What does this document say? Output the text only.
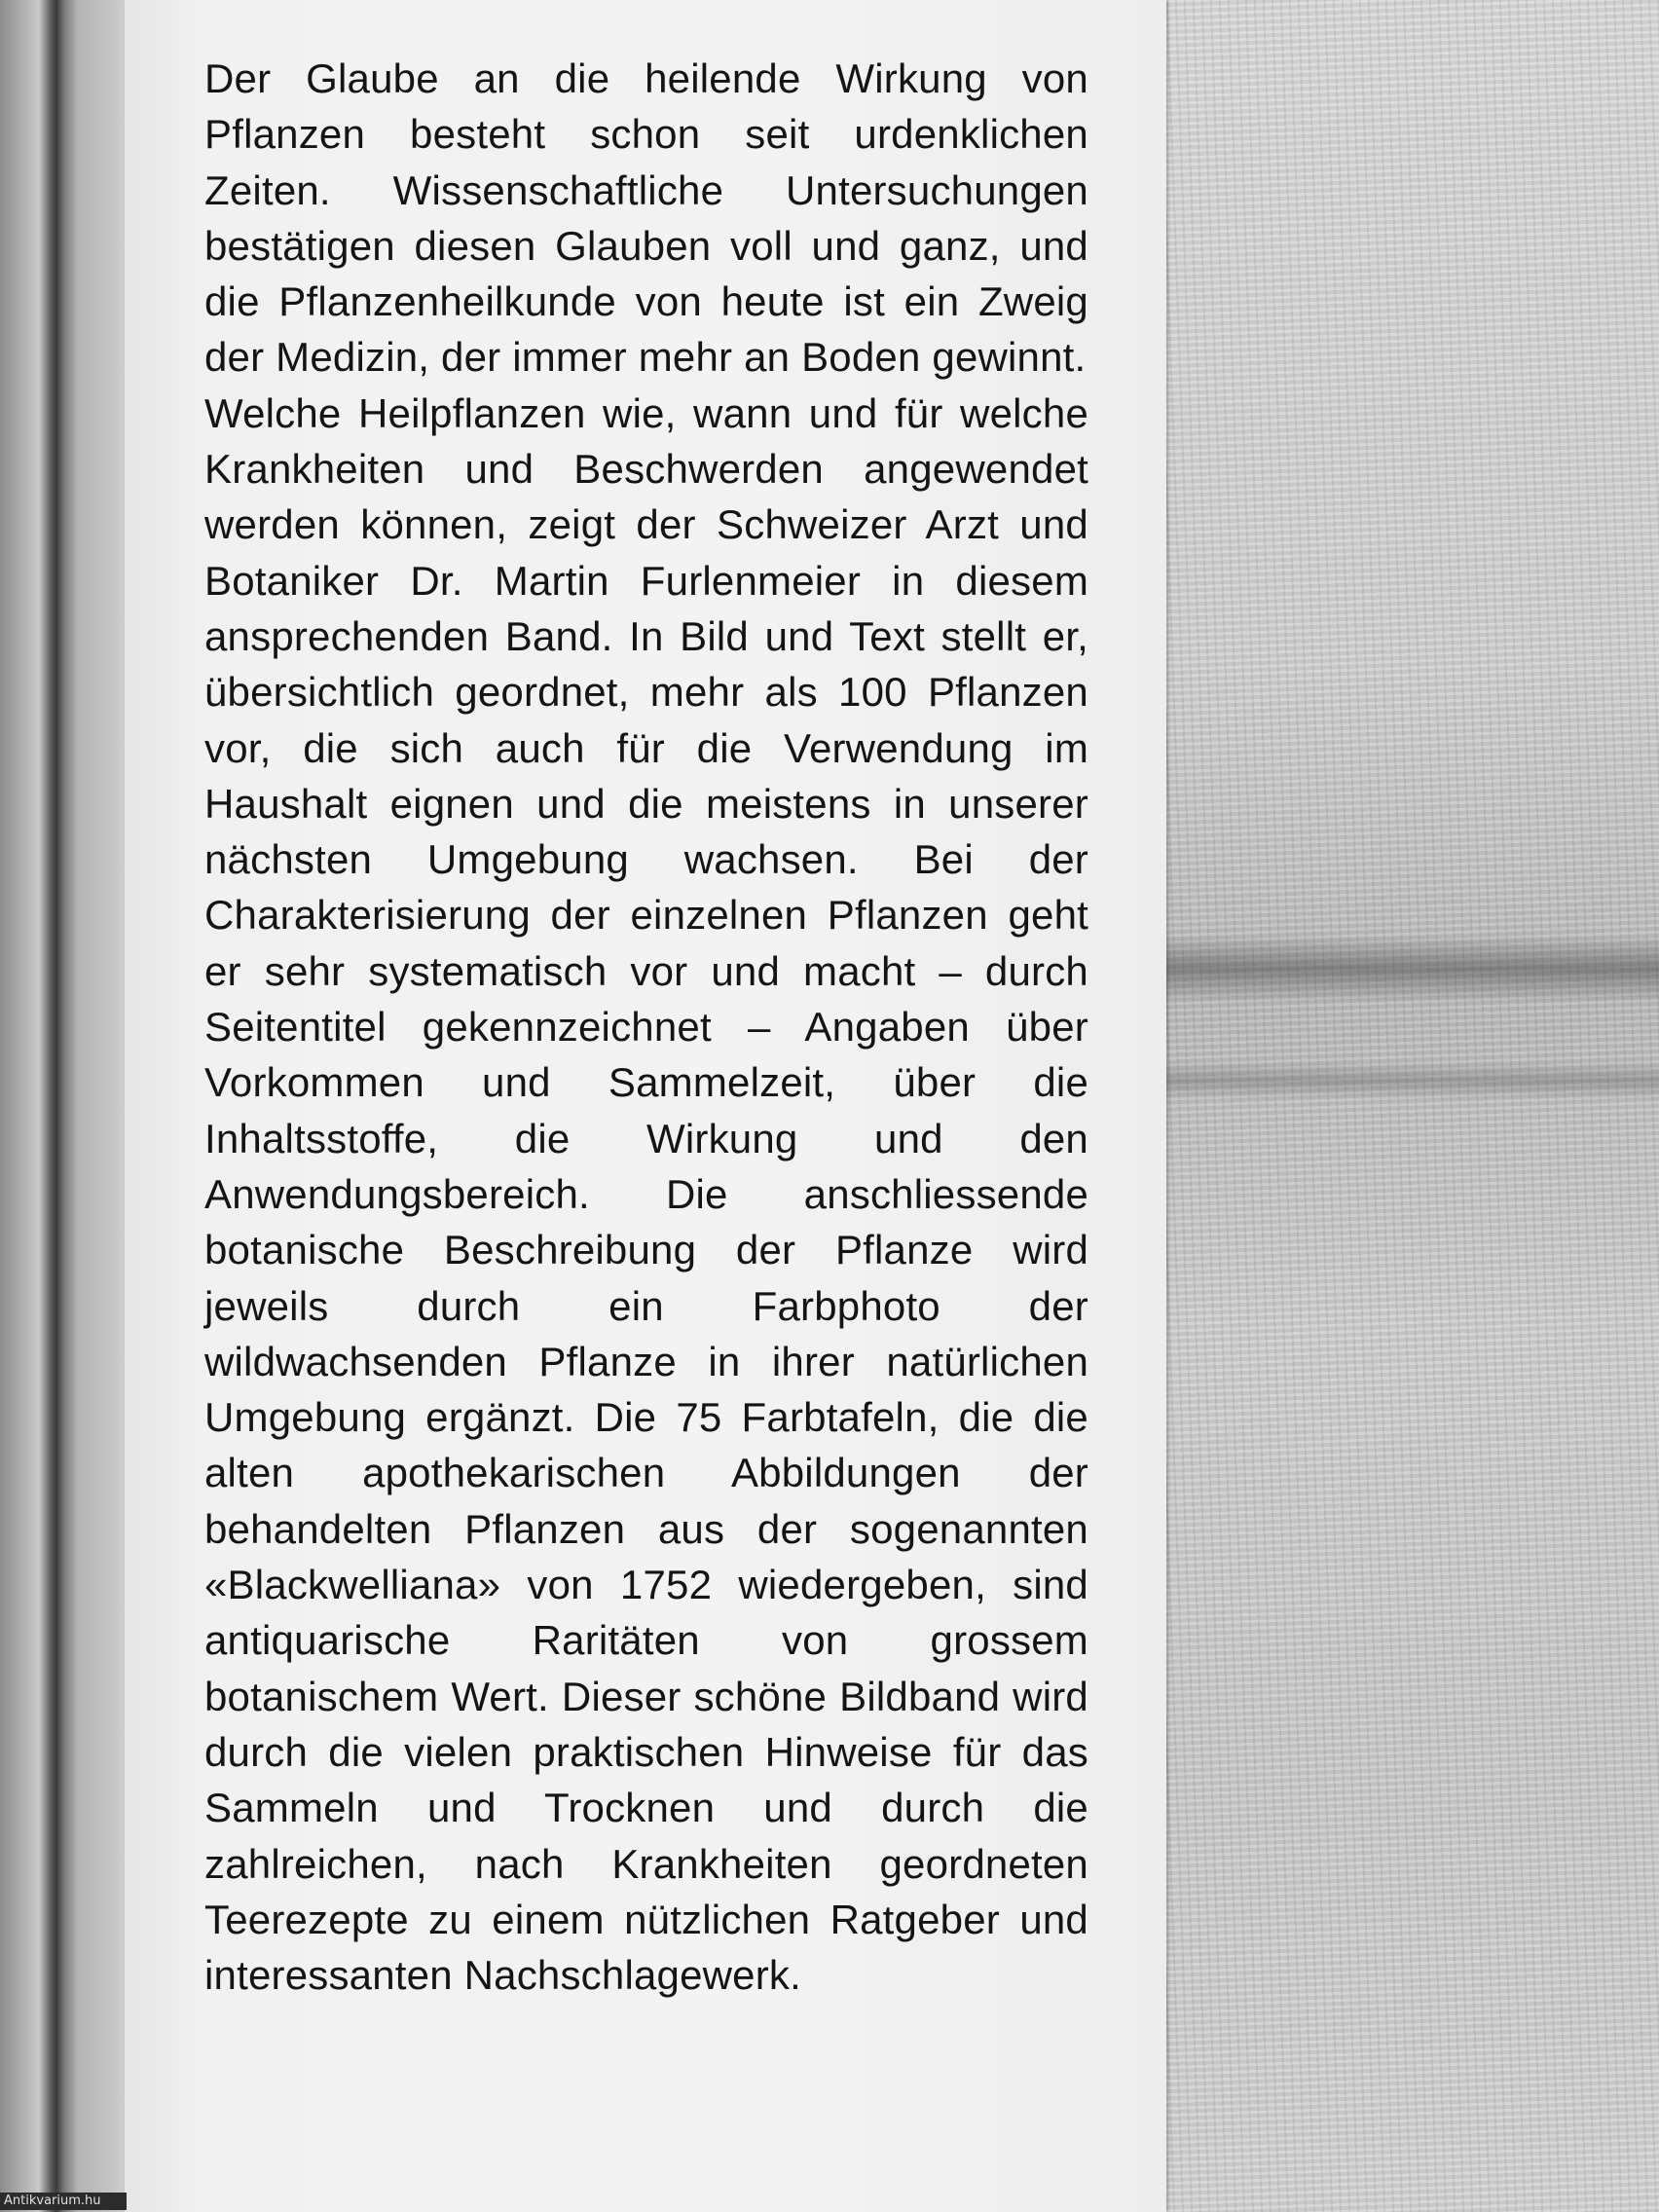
Der Glaube an die heilende Wirkung von Pflanzen besteht schon seit urdenklichen Zeiten. Wissenschaftliche Untersuchungen bestätigen diesen Glauben voll und ganz, und die Pflanzenheilkunde von heute ist ein Zweig der Medizin, der immer mehr an Boden gewinnt.

Welche Heilpflanzen wie, wann und für welche Krankheiten und Beschwerden angewendet werden können, zeigt der Schweizer Arzt und Botaniker Dr. Martin Furlenmeier in diesem ansprechenden Band. In Bild und Text stellt er, übersichtlich geordnet, mehr als 100 Pflanzen vor, die sich auch für die Verwendung im Haushalt eignen und die meistens in unserer nächsten Umgebung wachsen. Bei der Charakterisierung der einzelnen Pflanzen geht er sehr systematisch vor und macht – durch Seitentitel gekennzeichnet – Angaben über Vorkommen und Sammelzeit, über die Inhaltsstoffe, die Wirkung und den Anwendungsbereich. Die anschliessende botanische Beschreibung der Pflanze wird jeweils durch ein Farbphoto der wildwachsenden Pflanze in ihrer natürlichen Umgebung ergänzt. Die 75 Farbtafeln, die die alten apothekarischen Abbildungen der behandelten Pflanzen aus der sogenannten «Blackwelliana» von 1752 wiedergeben, sind antiquarische Raritäten von grossem botanischem Wert. Dieser schöne Bildband wird durch die vielen praktischen Hinweise für das Sammeln und Trocknen und durch die zahlreichen, nach Krankheiten geordneten Teerezepte zu einem nützlichen Ratgeber und interessanten Nachschlagewerk.

Antikvarium.hu
